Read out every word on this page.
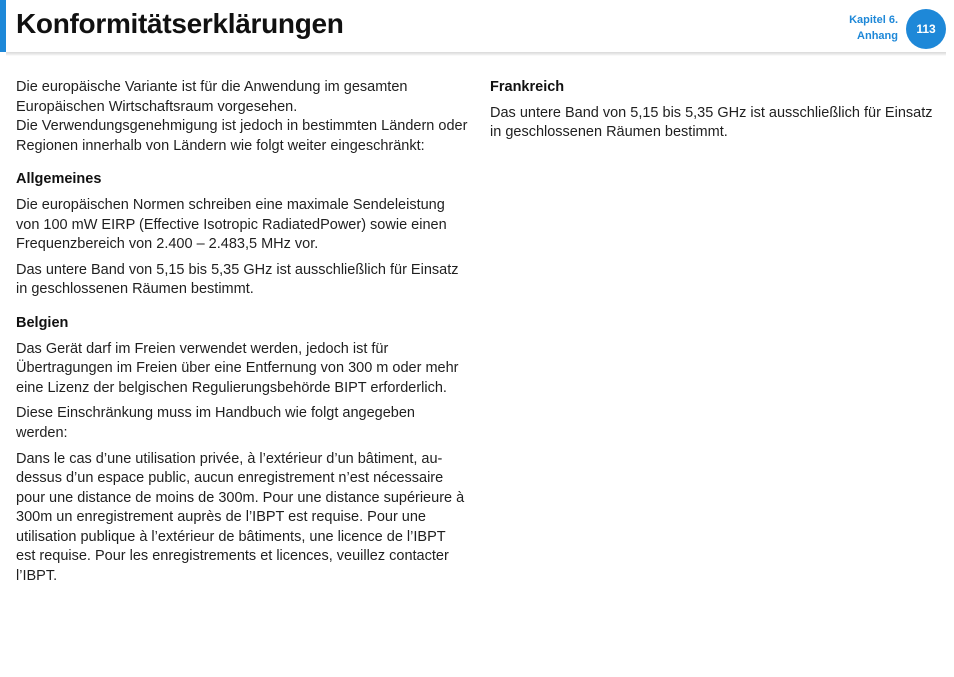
Konformitätserklärungen	Kapitel 6.
Anhang	113
Die europäische Variante ist für die Anwendung im gesamten Europäischen Wirtschaftsraum vorgesehen.
Die Verwendungsgenehmigung ist jedoch in bestimmten Ländern oder Regionen innerhalb von Ländern wie folgt weiter eingeschränkt:
Allgemeines

Die europäischen Normen schreiben eine maximale Sendeleistung von 100 mW EIRP (Effective Isotropic RadiatedPower) sowie einen Frequenzbereich von 2.400 – 2.483,5 MHz vor.

Das untere Band von 5,15 bis 5,35 GHz ist ausschließlich für Einsatz in geschlossenen Räumen bestimmt.

Belgien

Das Gerät darf im Freien verwendet werden, jedoch ist für Übertragungen im Freien über eine Entfernung von 300 m oder mehr eine Lizenz der belgischen Regulierungsbehörde BIPT erforderlich.

Diese Einschränkung muss im Handbuch wie folgt angegeben werden:

Dans le cas d’une utilisation privée, à l’extérieur d’un bâtiment, au-dessus d’un espace public, aucun enregistrement n’est nécessaire pour une distance de moins de 300m. Pour une distance supérieure à 300m un enregistrement auprès de l’IBPT est requise. Pour une utilisation publique à l’extérieur de bâtiments, une licence de l’IBPT est requise. Pour les enregistrements et licences, veuillez contacter l’IBPT.

Frankreich

Das untere Band von 5,15 bis 5,35 GHz ist ausschließlich für Einsatz in geschlossenen Räumen bestimmt.
